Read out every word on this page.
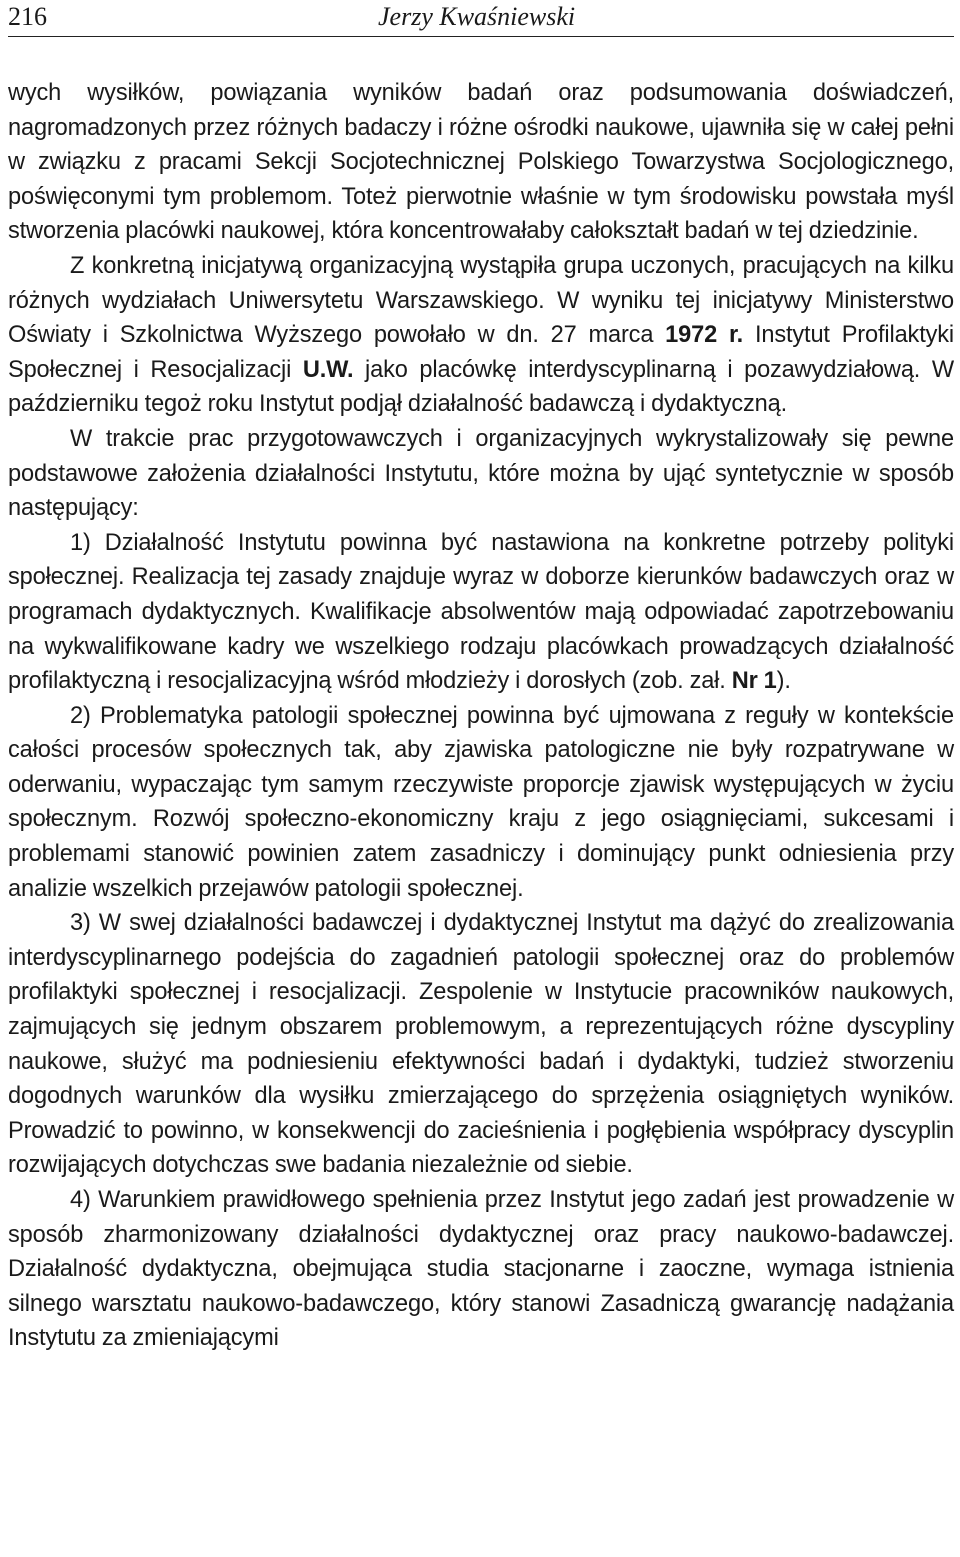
216	Jerzy Kwaśniewski

wych wysiłków, powiązania wyników badań oraz podsumowania doświadczeń, nagromadzonych przez różnych badaczy i różne ośrodki naukowe, ujawniła się w całej pełni w związku z pracami Sekcji Socjotechnicznej Polskiego Towarzystwa Socjologicznego, poświęconymi tym problemom. Toteż pierwotnie właśnie w tym środowisku powstała myśl stworzenia placówki naukowej, która koncentrowałaby całokształt badań w tej dziedzinie.

Z konkretną inicjatywą organizacyjną wystąpiła grupa uczonych, pracujących na kilku różnych wydziałach Uniwersytetu Warszawskiego. W wyniku tej inicjatywy Ministerstwo Oświaty i Szkolnictwa Wyższego powołało w dn. 27 marca 1972 r. Instytut Profilaktyki Społecznej i Resocjalizacji U.W. jako placówkę interdyscyplinarną i pozawydziałową. W październiku tegoż roku Instytut podjął działalność badawczą i dydaktyczną.

W trakcie prac przygotowawczych i organizacyjnych wykrystalizowały się pewne podstawowe założenia działalności Instytutu, które można by ująć syntetycznie w sposób następujący:

1) Działalność Instytutu powinna być nastawiona na konkretne potrzeby polityki społecznej. Realizacja tej zasady znajduje wyraz w doborze kierunków badawczych oraz w programach dydaktycznych. Kwalifikacje absolwentów mają odpowiadać zapotrzebowaniu na wykwalifikowane kadry we wszelkiego rodzaju placówkach prowadzących działalność profilaktyczną i resocjalizacyjną wśród młodzieży i dorosłych (zob. zał. Nr 1).

2) Problematyka patologii społecznej powinna być ujmowana z reguły w kontekście całości procesów społecznych tak, aby zjawiska patologiczne nie były rozpatrywane w oderwaniu, wypaczając tym samym rzeczywiste proporcje zjawisk występujących w życiu społecznym. Rozwój społeczno-ekonomiczny kraju z jego osiągnięciami, sukcesami i problemami stanowić powinien zatem zasadniczy i dominujący punkt odniesienia przy analizie wszelkich przejawów patologii społecznej.

3) W swej działalności badawczej i dydaktycznej Instytut ma dążyć do zrealizowania interdyscyplinarnego podejścia do zagadnień patologii społecznej oraz do problemów profilaktyki społecznej i resocjalizacji. Zespolenie w Instytucie pracowników naukowych, zajmujących się jednym obszarem problemowym, a reprezentujących różne dyscypliny naukowe, służyć ma podniesieniu efektywności badań i dydaktyki, tudzież stworzeniu dogodnych warunków dla wysiłku zmierzającego do sprzężenia osiągniętych wyników. Prowadzić to powinno, w konsekwencji do zacieśnienia i pogłębienia współpracy dyscyplin rozwijających dotychczas swe badania niezależnie od siebie.

4) Warunkiem prawidłowego spełnienia przez Instytut jego zadań jest prowadzenie w sposób zharmonizowany działalności dydaktycznej oraz pracy naukowo-badawczej. Działalność dydaktyczna, obejmująca studia stacjonarne i zaoczne, wymaga istnienia silnego warsztatu naukowo-badawczego, który stanowi Zasadniczą gwarancję nadążania Instytutu za zmieniającymi
